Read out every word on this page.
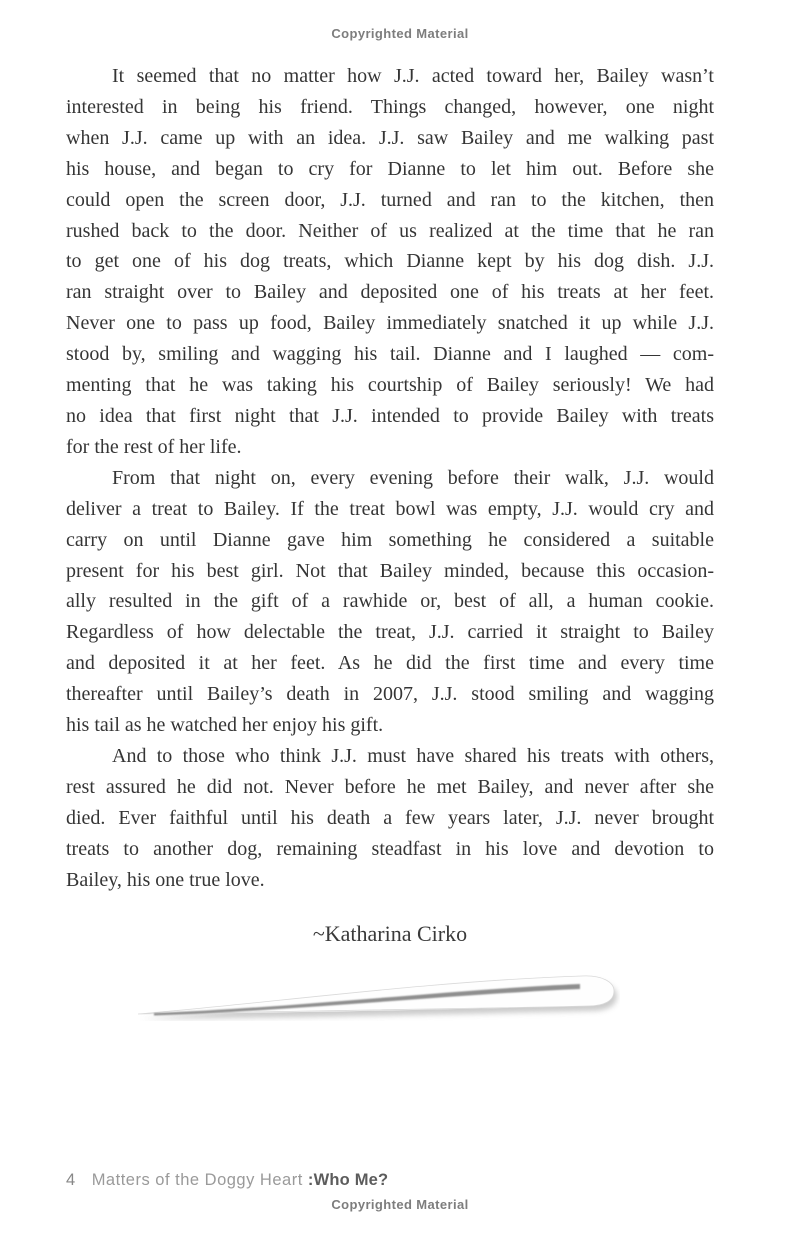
Copyrighted Material
It seemed that no matter how J.J. acted toward her, Bailey wasn’t
interested in being his friend. Things changed, however, one night
when J.J. came up with an idea. J.J. saw Bailey and me walking past
his house, and began to cry for Dianne to let him out. Before she
could open the screen door, J.J. turned and ran to the kitchen, then
rushed back to the door. Neither of us realized at the time that he ran
to get one of his dog treats, which Dianne kept by his dog dish. J.J.
ran straight over to Bailey and deposited one of his treats at her feet.
Never one to pass up food, Bailey immediately snatched it up while J.J.
stood by, smiling and wagging his tail. Dianne and I laughed — com-
menting that he was taking his courtship of Bailey seriously! We had
no idea that first night that J.J. intended to provide Bailey with treats
for the rest of her life.
From that night on, every evening before their walk, J.J. would
deliver a treat to Bailey. If the treat bowl was empty, J.J. would cry and
carry on until Dianne gave him something he considered a suitable
present for his best girl. Not that Bailey minded, because this occasion-
ally resulted in the gift of a rawhide or, best of all, a human cookie.
Regardless of how delectable the treat, J.J. carried it straight to Bailey
and deposited it at her feet. As he did the first time and every time
thereafter until Bailey’s death in 2007, J.J. stood smiling and wagging
his tail as he watched her enjoy his gift.
And to those who think J.J. must have shared his treats with others,
rest assured he did not. Never before he met Bailey, and never after she
died. Ever faithful until his death a few years later, J.J. never brought
treats to another dog, remaining steadfast in his love and devotion to
Bailey, his one true love.
~Katharina Cirko
4 Matters of the Doggy Heart :Who Me?
Copyrighted Material
